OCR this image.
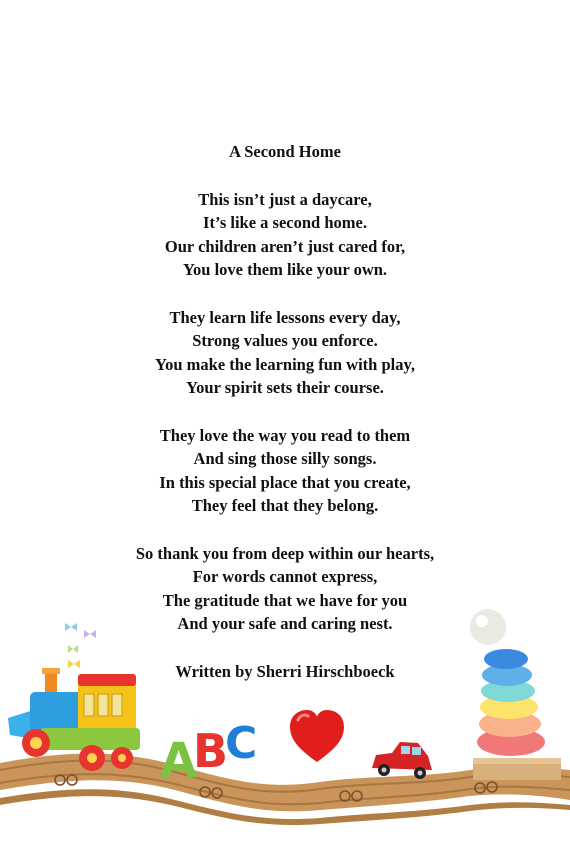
A Second Home
This isn’t just a daycare,
It’s like a second home.
Our children aren’t just cared for,
You love them like your own.
They learn life lessons every day,
Strong values you enforce.
You make the learning fun with play,
Your spirit sets their course.
They love the way you read to them
And sing those silly songs.
In this special place that you create,
They feel that they belong.
So thank you from deep within our hearts,
For words cannot express,
The gratitude that we have for you
And your safe and caring nest.
Written by Sherri Hirschboeck
A
B
C
